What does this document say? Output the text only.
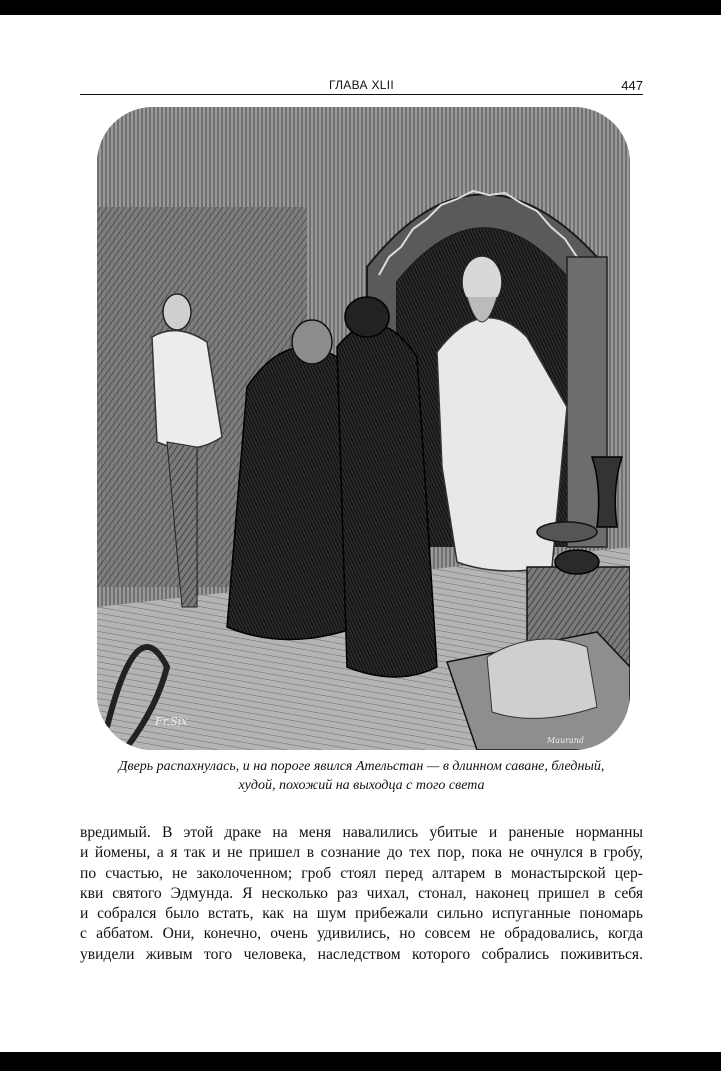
ГЛАВА XLII	447
Fr.Six
Maurand
Дверь распахнулась, и на пороге явился Ательстан — в длинном саване, бледный,
худой, похожий на выходца с того света
вредимый. В этой драке на меня навалились убитые и раненые норманны
и йомены, а я так и не пришел в сознание до тех пор, пока не очнулся в гробу,
по счастью, не заколоченном; гроб стоял перед алтарем в монастырской цер-
кви святого Эдмунда. Я несколько раз чихал, стонал, наконец пришел в себя
и собрался было встать, как на шум прибежали сильно испуганные пономарь
с аббатом. Они, конечно, очень удивились, но совсем не обрадовались, когда
увидели живым того человека, наследством которого собрались поживиться.
